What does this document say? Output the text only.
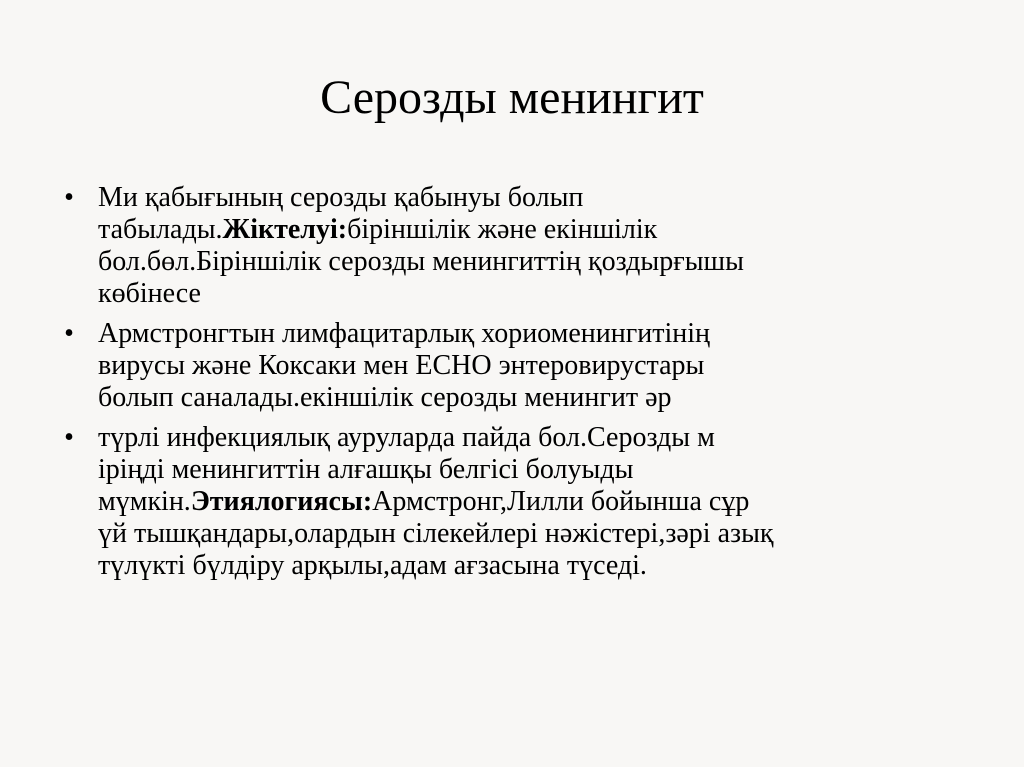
Серозды менингит
• Ми қабығының серозды қабынуы болып
табылады.Жіктелуі:біріншілік және екіншілік
бол.бөл.Біріншілік серозды менингиттің қоздырғышы
көбінесе
• Армстронгтын лимфацитарлық хориоменингитінің
вирусы және Коксаки мен ЕСНО энтеровирустары
болып саналады.екіншілік серозды менингит әр
• түрлі инфекциялық ауруларда пайда бол.Серозды м
іріңді менингиттін алғашқы белгісі болуыды
мүмкін.Этиялогиясы:Армстронг,Лилли бойынша сұр
үй тышқандары,олардын сілекейлері нәжістері,зәрі азық
түлүкті бүлдіру арқылы,адам ағзасына түседі.
